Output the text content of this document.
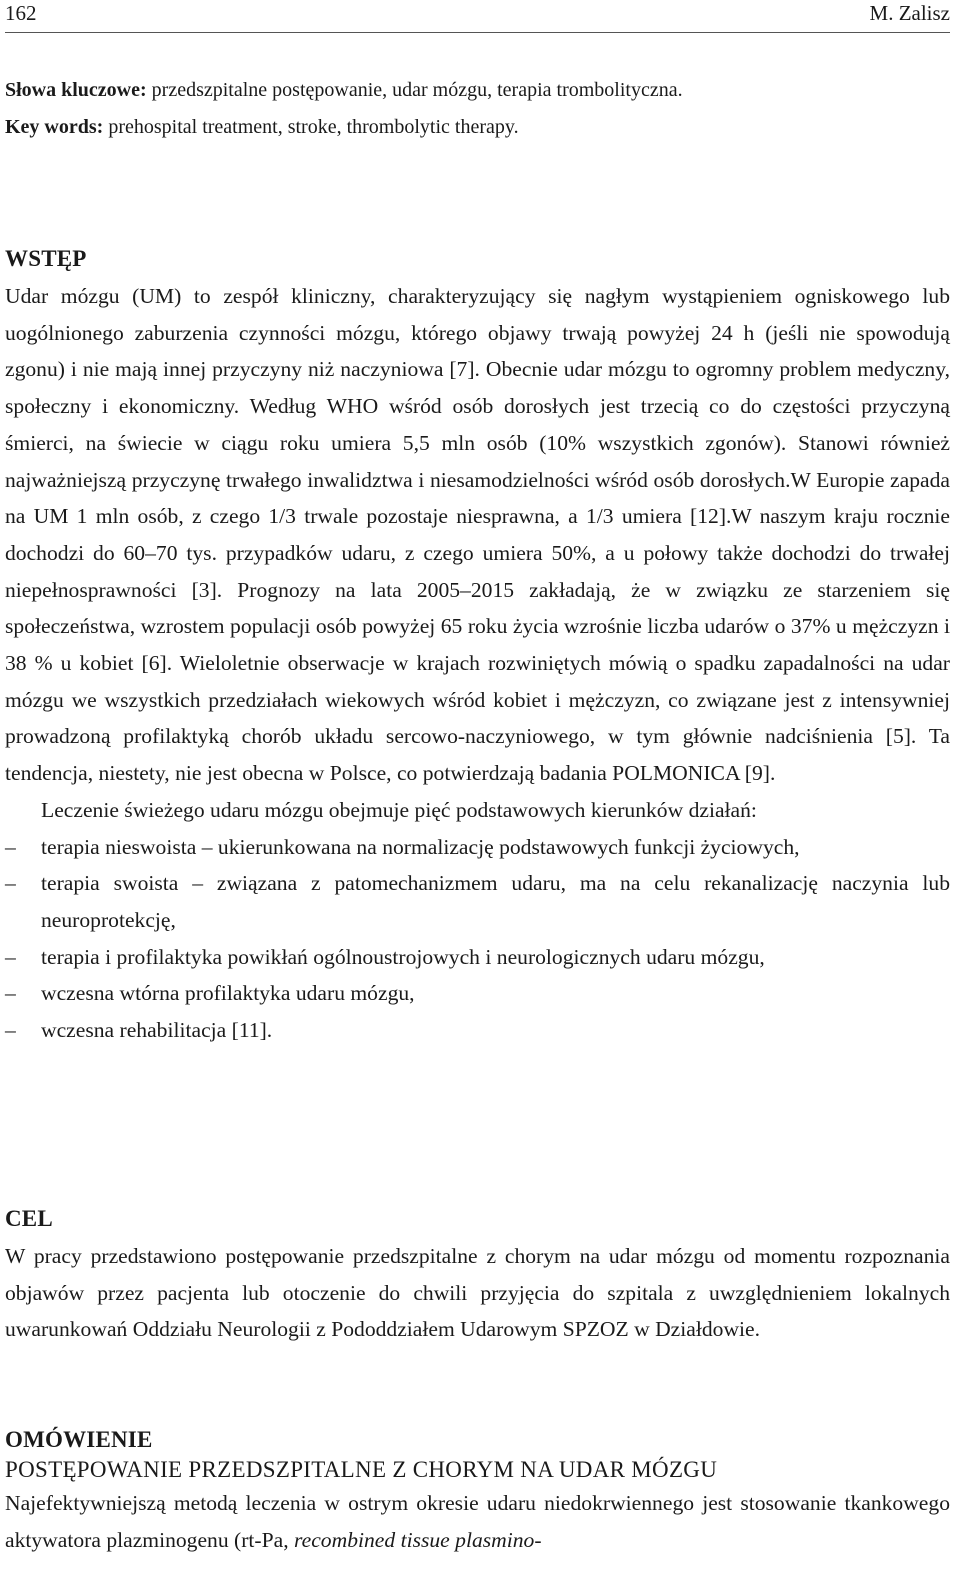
162	M. Zalisz
Słowa kluczowe: przedszpitalne postępowanie, udar mózgu, terapia trombolityczna.
Key words: prehospital treatment, stroke, thrombolytic therapy.
WSTĘP

Udar mózgu (UM) to zespół kliniczny, charakteryzujący się nagłym wystąpieniem ogniskowego lub uogólnionego zaburzenia czynności mózgu, którego objawy trwają powyżej 24 h (jeśli nie spowodują zgonu) i nie mają innej przyczyny niż naczyniowa [7]. Obecnie udar mózgu to ogromny problem medyczny, społeczny i ekonomiczny. Według WHO wśród osób dorosłych jest trzecią co do częstości przyczyną śmierci, na świecie w ciągu roku umiera 5,5 mln osób (10% wszystkich zgonów). Stanowi również najważniejszą przyczynę trwałego inwalidztwa i niesamodzielności wśród osób dorosłych.W Europie zapada na UM 1 mln osób, z czego 1/3 trwale pozostaje niesprawna, a 1/3 umiera [12].W naszym kraju rocznie dochodzi do 60–70 tys. przypadków udaru, z czego umiera 50%, a u połowy także dochodzi do trwałej niepełnosprawności [3]. Prognozy na lata 2005–2015 zakładają, że w związku ze starzeniem się społeczeństwa, wzrostem populacji osób powyżej 65 roku życia wzrośnie liczba udarów o 37% u mężczyzn i 38 % u kobiet [6]. Wieloletnie obserwacje w krajach rozwiniętych mówią o spadku zapadalności na udar mózgu we wszystkich przedziałach wiekowych wśród kobiet i mężczyzn, co związane jest z intensywniej prowadzoną profilaktyką chorób układu sercowo-naczyniowego, w tym głównie nadciśnienia [5]. Ta tendencja, niestety, nie jest obecna w Polsce, co potwierdzają badania POLMONICA [9].

Leczenie świeżego udaru mózgu obejmuje pięć podstawowych kierunków działań:

– terapia nieswoista – ukierunkowana na normalizację podstawowych funkcji życiowych,
– terapia swoista – związana z patomechanizmem udaru, ma na celu rekanalizację naczynia lub neuroprotekcję,
– terapia i profilaktyka powikłań ogólnoustrojowych i neurologicznych udaru mózgu,
– wczesna wtórna profilaktyka udaru mózgu,
– wczesna rehabilitacja [11].
CEL

W pracy przedstawiono postępowanie przedszpitalne z chorym na udar mózgu od momentu rozpoznania objawów przez pacjenta lub otoczenie do chwili przyjęcia do szpitala z uwzględnieniem lokalnych uwarunkowań Oddziału Neurologii z Pododdziałem Udarowym SPZOZ w Działdowie.

OMÓWIENIE
POSTĘPOWANIE PRZEDSZPITALNE Z CHORYM NA UDAR MÓZGU

Najefektywniejszą metodą leczenia w ostrym okresie udaru niedokrwiennego jest stosowanie tkankowego aktywatora plazminogenu (rt-Pa, recombined tissue plasmino-
